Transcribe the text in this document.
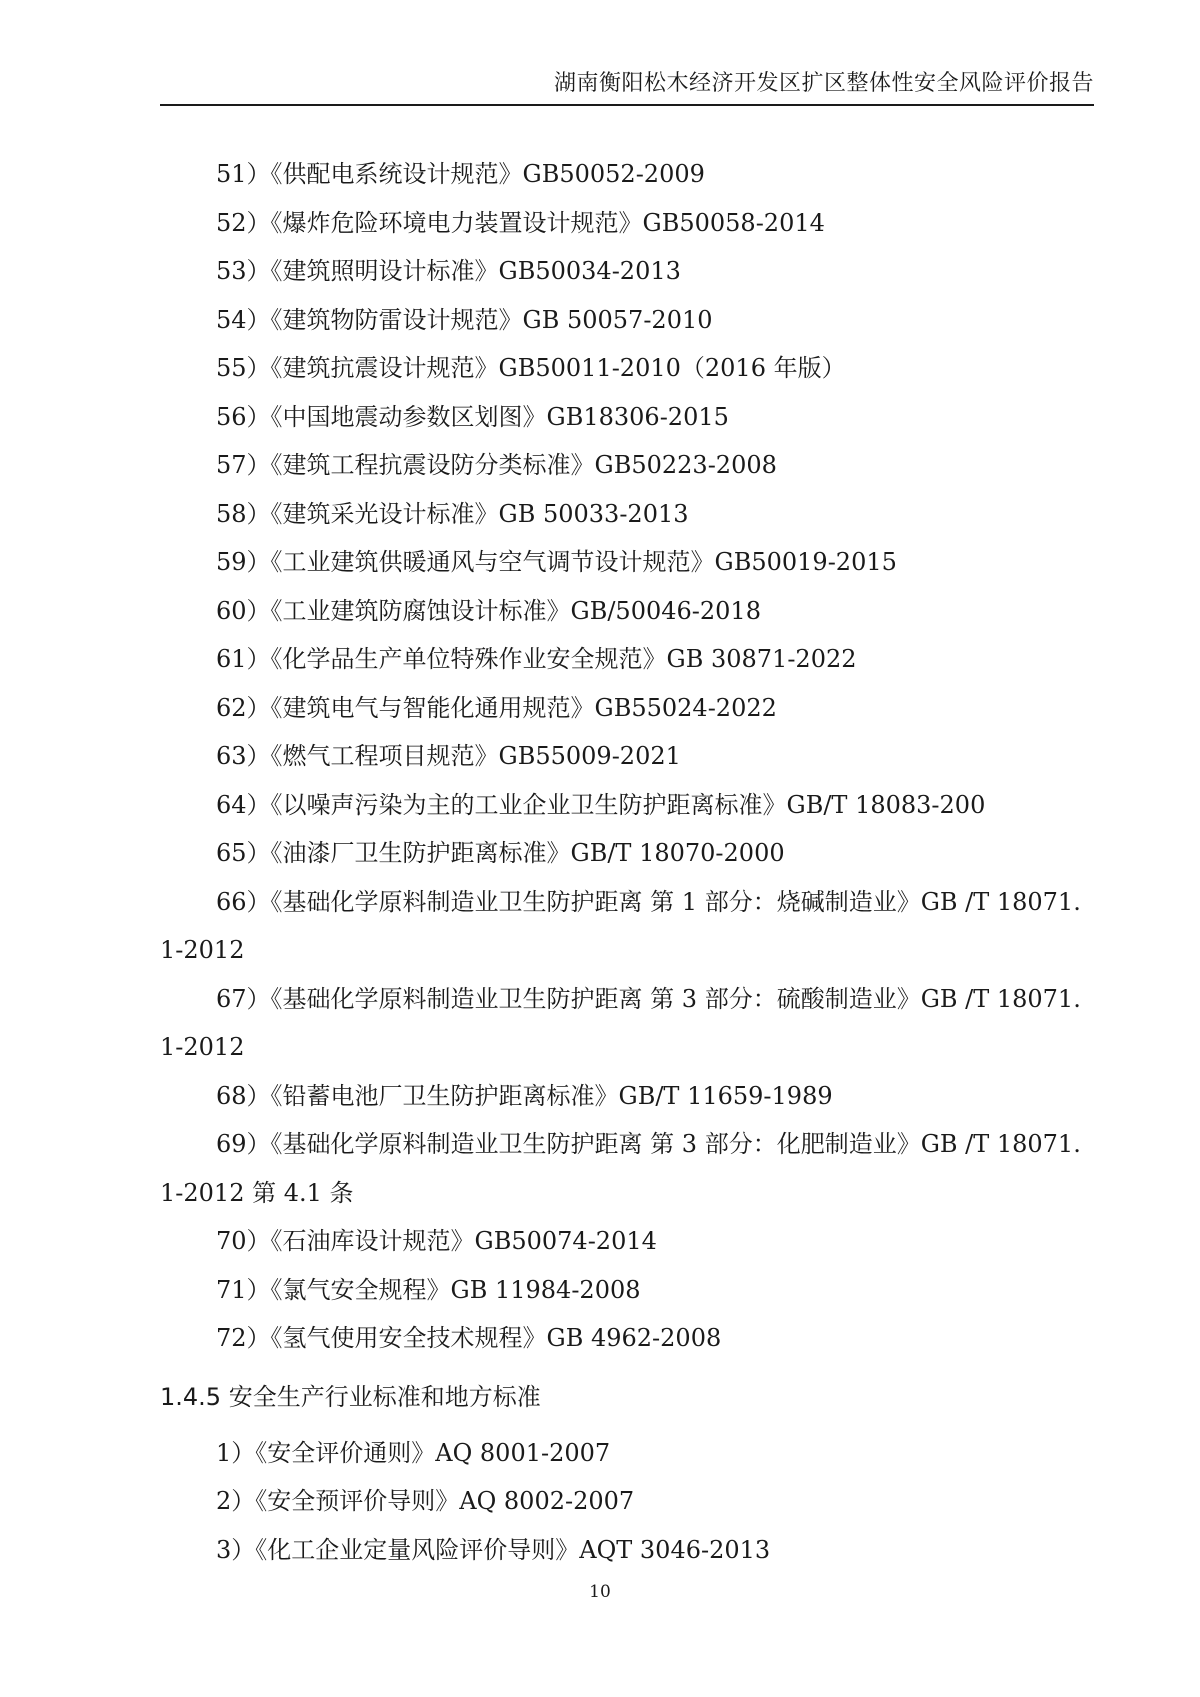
湖南衡阳松木经济开发区扩区整体性安全风险评价报告

51）《供配电系统设计规范》GB50052-2009

52）《爆炸危险环境电力装置设计规范》GB50058-2014

53）《建筑照明设计标准》GB50034-2013

54）《建筑物防雷设计规范》GB 50057-2010

55）《建筑抗震设计规范》GB50011-2010（2016 年版）

56）《中国地震动参数区划图》GB18306-2015

57）《建筑工程抗震设防分类标准》GB50223-2008

58）《建筑采光设计标准》GB 50033-2013

59）《工业建筑供暖通风与空气调节设计规范》GB50019-2015

60）《工业建筑防腐蚀设计标准》GB/50046-2018

61）《化学品生产单位特殊作业安全规范》GB 30871-2022

62）《建筑电气与智能化通用规范》GB55024-2022

63）《燃气工程项目规范》GB55009-2021

64）《以噪声污染为主的工业企业卫生防护距离标准》GB/T 18083-200

65）《油漆厂卫生防护距离标准》GB/T 18070-2000

66）《基础化学原料制造业卫生防护距离 第 1 部分：烧碱制造业》GB /T 18071.1-2012

67）《基础化学原料制造业卫生防护距离 第 3 部分：硫酸制造业》GB /T 18071.1-2012

68）《铅蓄电池厂卫生防护距离标准》GB/T 11659-1989

69）《基础化学原料制造业卫生防护距离 第 3 部分：化肥制造业》GB /T 18071.1-2012 第 4.1 条

70）《石油库设计规范》GB50074-2014

71）《氯气安全规程》GB 11984-2008

72）《氢气使用安全技术规程》GB 4962-2008

1.4.5 安全生产行业标准和地方标准

1）《安全评价通则》AQ 8001-2007

2）《安全预评价导则》AQ 8002-2007

3）《化工企业定量风险评价导则》AQT 3046-2013

10
